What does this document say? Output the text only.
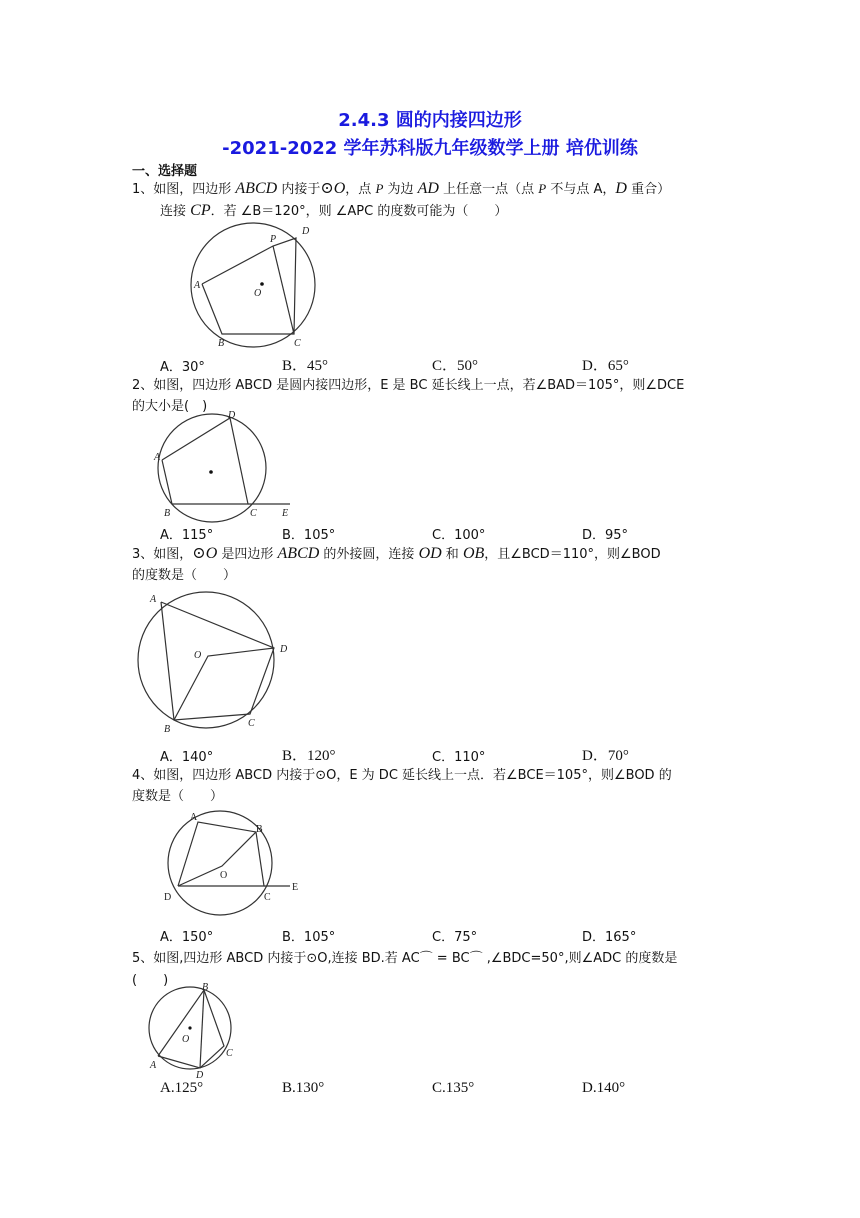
2.4.3 圆的内接四边形
-2021-2022 学年苏科版九年级数学上册 培优训练
一、选择题
1、如图，四边形 ABCD 内接于⊙O，点 P 为边 AD 上任意一点（点 P 不与点 A，D 重合）
连接 CP．若 ∠B＝120°，则 ∠APC 的度数可能为（　　）
A
B	C
D
P
O
A．30°	B．45°	C．50°	D．65°
2、如图，四边形 ABCD 是圆内接四边形，E 是 BC 延长线上一点，若∠BAD＝105°，则∠DCE
的大小是(　)
A
B	C
D
E
A．115°	B．105°	C．100°	D．95°
3、如图，⊙O 是四边形 ABCD 的外接圆，连接 OD 和 OB，且∠BCD＝110°，则∠BOD
的度数是（　　）
A
B
C
D
O
A．140°	B．120°	C．110°	D．70°
4、如图，四边形 ABCD 内接于⊙O，E 为 DC 延长线上一点．若∠BCE＝105°，则∠BOD 的
度数是（　　）
A
B
C
D
E
O
A．150°	B．105°	C．75°	D．165°
5、如图,四边形 ABCD 内接于⊙O,连接 BD.若 AC⌒ = BC⌒ ,∠BDC=50°,则∠ADC 的度数是
(　　)
A
B
C
D
O
A.125°	B.130°	C.135°	D.140°
